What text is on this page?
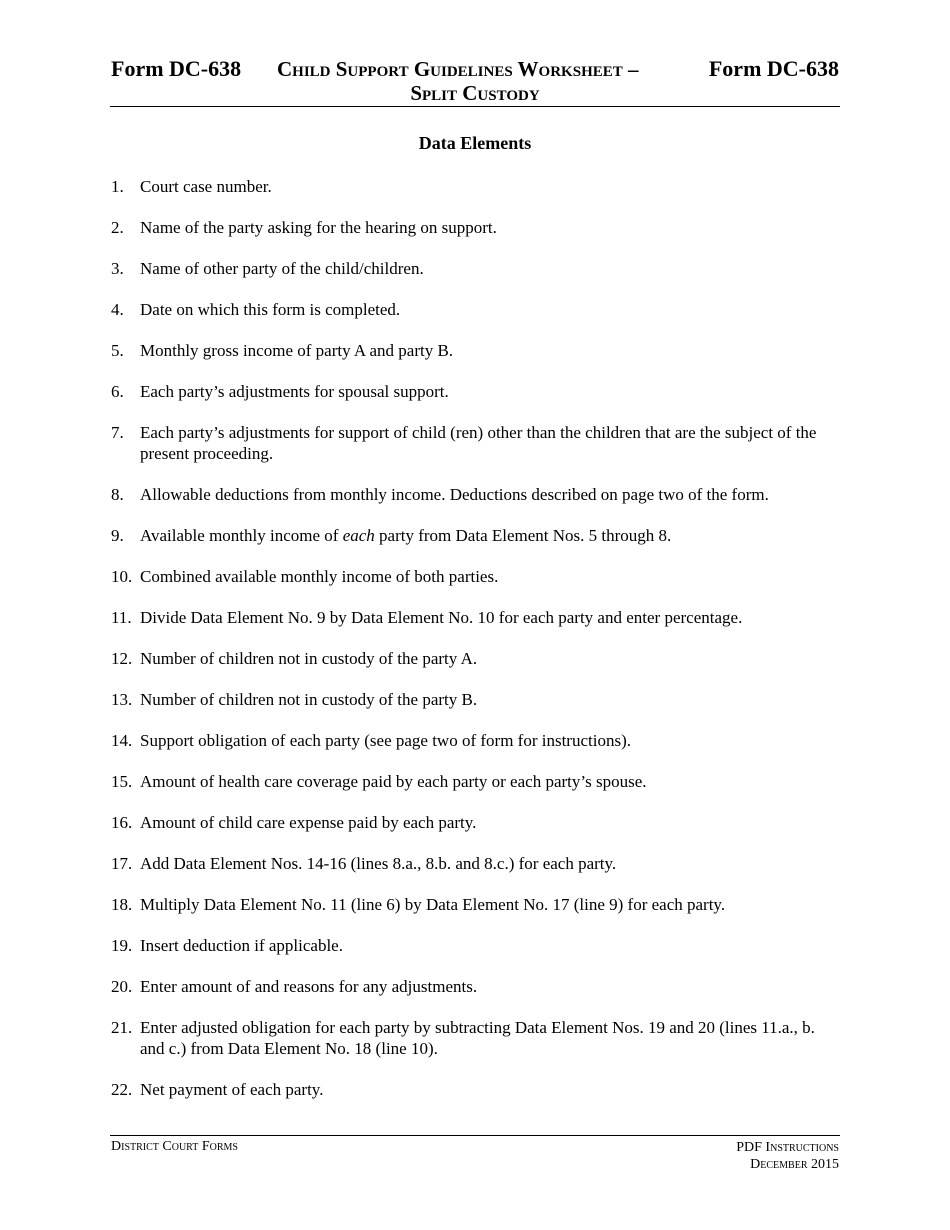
Form DC-638 Child Support Guidelines Worksheet –	Form DC-638
Split Custody
Data Elements
1. Court case number.
2. Name of the party asking for the hearing on support.
3. Name of other party of the child/children.
4. Date on which this form is completed.
5. Monthly gross income of party A and party B.
6. Each party’s adjustments for spousal support.
7. Each party’s adjustments for support of child (ren) other than the children that are the subject of the present proceeding.
8. Allowable deductions from monthly income. Deductions described on page two of the form.
9. Available monthly income of each party from Data Element Nos. 5 through 8.
10. Combined available monthly income of both parties.
11. Divide Data Element No. 9 by Data Element No. 10 for each party and enter percentage.
12. Number of children not in custody of the party A.
13. Number of children not in custody of the party B.
14. Support obligation of each party (see page two of form for instructions).
15. Amount of health care coverage paid by each party or each party’s spouse.
16. Amount of child care expense paid by each party.
17. Add Data Element Nos. 14-16 (lines 8.a., 8.b. and 8.c.) for each party.
18. Multiply Data Element No. 11 (line 6) by Data Element No. 17 (line 9) for each party.
19. Insert deduction if applicable.
20. Enter amount of and reasons for any adjustments.
21. Enter adjusted obligation for each party by subtracting Data Element Nos. 19 and 20 (lines 11.a., b. and c.) from Data Element No. 18 (line 10).
22. Net payment of each party.
District Court Forms	PDF Instructions
December 2015
